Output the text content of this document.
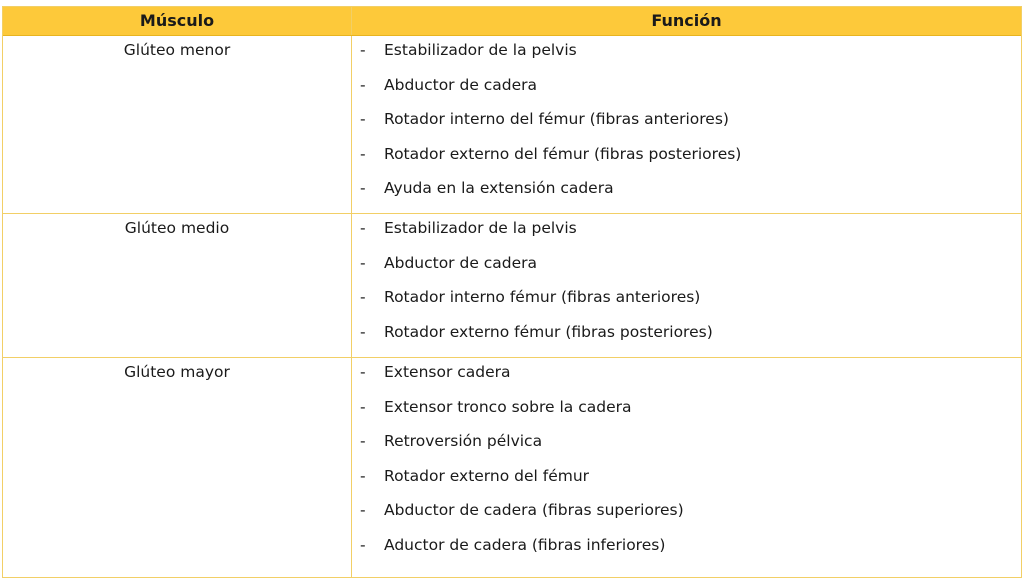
Músculo	Función
Glúteo menor	-	Estabilizador de la pelvis
-	Abductor de cadera
-	Rotador interno del fémur (fibras anteriores)
-	Rotador externo del fémur (fibras posteriores)
-	Ayuda en la extensión cadera
Glúteo medio	-	Estabilizador de la pelvis
-	Abductor de cadera
-	Rotador interno fémur (fibras anteriores)
-	Rotador externo fémur (fibras posteriores)
Glúteo mayor	-	Extensor cadera
-	Extensor tronco sobre la cadera
-	Retroversión pélvica
-	Rotador externo del fémur
-	Abductor de cadera (fibras superiores)
-	Aductor de cadera (fibras inferiores)
